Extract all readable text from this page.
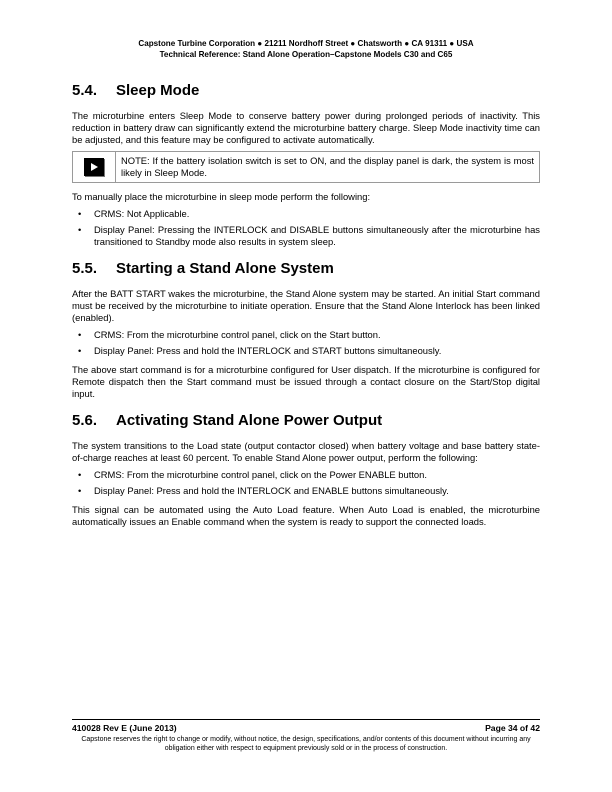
Capstone Turbine Corporation ● 21211 Nordhoff Street ● Chatsworth ● CA 91311 ● USA
Technical Reference: Stand Alone Operation–Capstone Models C30 and C65
5.4. Sleep Mode

The microturbine enters Sleep Mode to conserve battery power during prolonged periods of inactivity. This reduction in battery draw can significantly extend the microturbine battery charge. Sleep Mode inactivity time can be adjusted, and this feature may be configured to activate automatically.

NOTE: If the battery isolation switch is set to ON, and the display panel is dark, the system is most likely in Sleep Mode.

To manually place the microturbine in sleep mode perform the following:

• CRMS: Not Applicable.
• Display Panel: Pressing the INTERLOCK and DISABLE buttons simultaneously after the microturbine has transitioned to Standby mode also results in system sleep.
5.5. Starting a Stand Alone System

After the BATT START wakes the microturbine, the Stand Alone system may be started. An initial Start command must be received by the microturbine to initiate operation. Ensure that the Stand Alone Interlock has been linked (enabled).

• CRMS: From the microturbine control panel, click on the Start button.
• Display Panel: Press and hold the INTERLOCK and START buttons simultaneously.

The above start command is for a microturbine configured for User dispatch. If the microturbine is configured for Remote dispatch then the Start command must be issued through a contact closure on the Start/Stop digital input.

5.6. Activating Stand Alone Power Output

The system transitions to the Load state (output contactor closed) when battery voltage and base battery state-of-charge reaches at least 60 percent. To enable Stand Alone power output, perform the following:

• CRMS: From the microturbine control panel, click on the Power ENABLE button.
• Display Panel: Press and hold the INTERLOCK and ENABLE buttons simultaneously.

This signal can be automated using the Auto Load feature. When Auto Load is enabled, the microturbine automatically issues an Enable command when the system is ready to support the connected loads.

410028 Rev E (June 2013)	Page 34 of 42
Capstone reserves the right to change or modify, without notice, the design, specifications, and/or contents of this document without incurring any obligation either with respect to equipment previously sold or in the process of construction.
